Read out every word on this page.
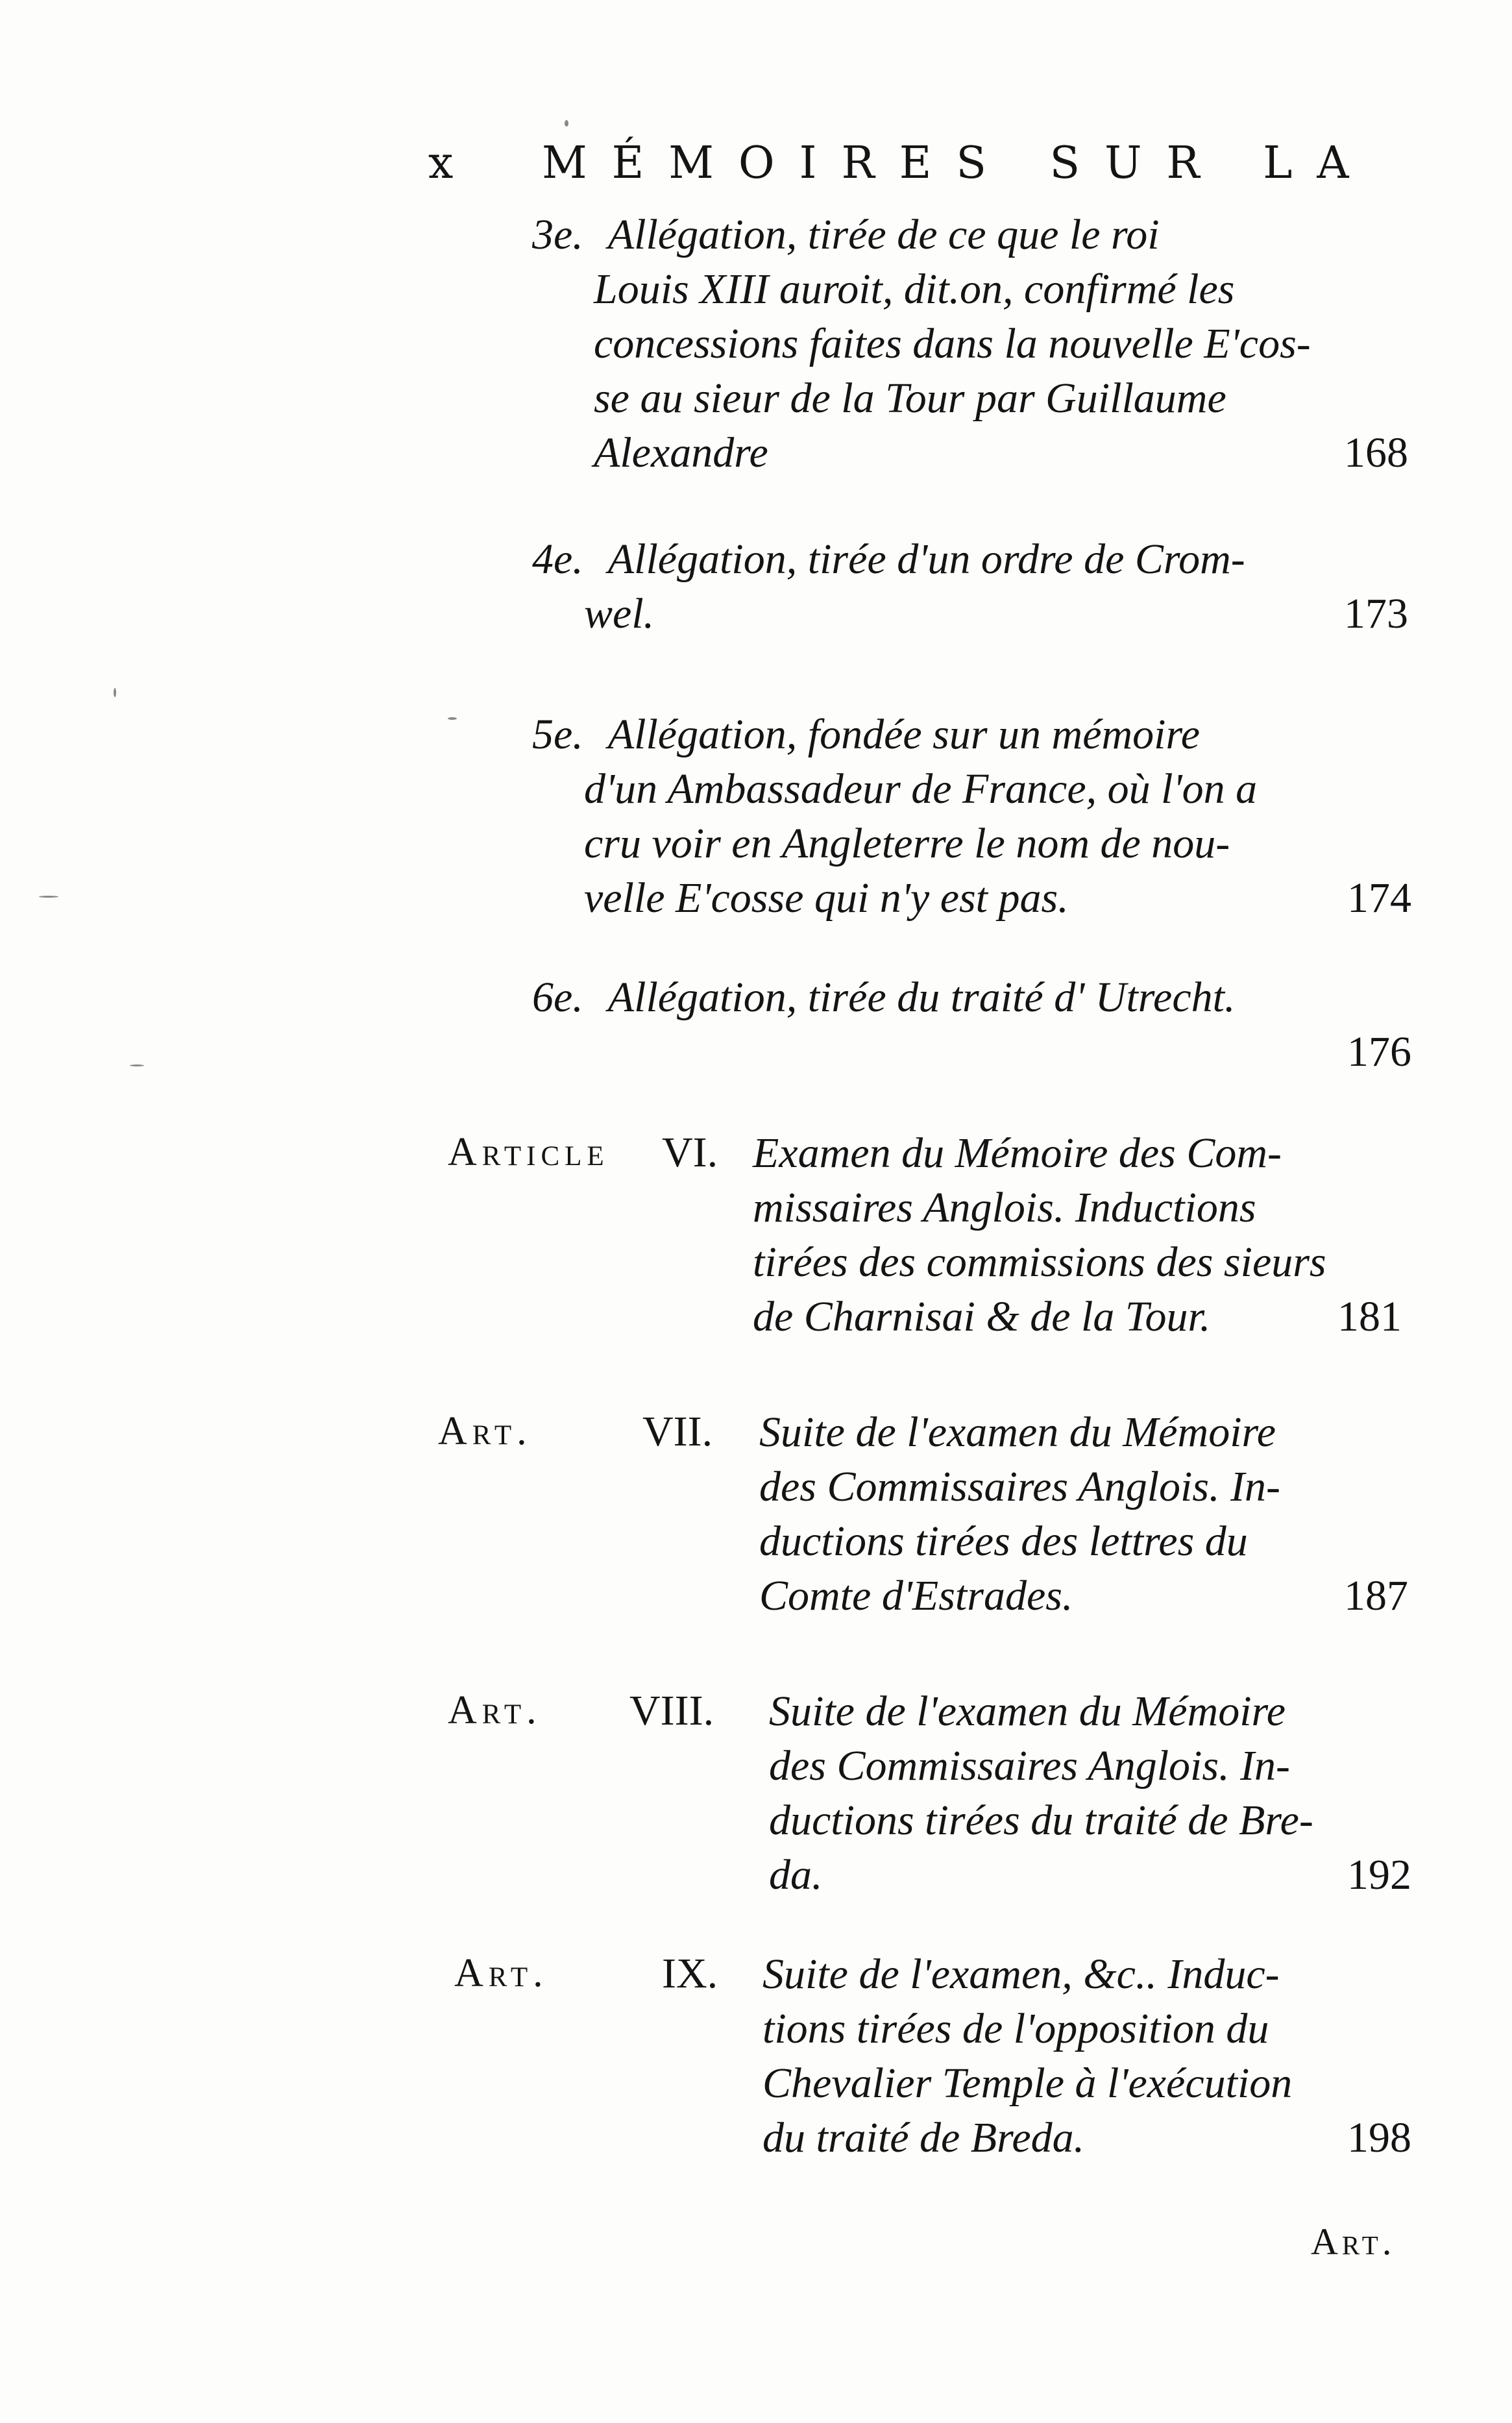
x MÉMOIRES SUR LA
3e. Allégation, tirée de ce que le roi
Louis XIII auroit, dit.on, confirmé les
concessions faites dans la nouvelle E'cos-
se au sieur de la Tour par Guillaume
Alexandre	168
4e. Allégation, tirée d'un ordre de Crom-
wel.	173
5e. Allégation, fondée sur un mémoire
d'un Ambassadeur de France, où l'on a
cru voir en Angleterre le nom de nou-
velle E'cosse qui n'y est pas.	174
6e. Allégation, tirée du traité d' Utrecht.
176
Article VI. Examen du Mémoire des Com-
missaires Anglois. Inductions
tirées des commissions des sieurs
de Charnisai & de la Tour.	181
Art.	VII. Suite de l'examen du Mémoire
des Commissaires Anglois. In-
ductions tirées des lettres du
Comte d'Estrades.	187
Art. VIII. Suite de l'examen du Mémoire
des Commissaires Anglois. In-
ductions tirées du traité de Bre-
da.	192
Art.	IX. Suite de l'examen, &c.. Induc-
tions tirées de l'opposition du
Chevalier Temple à l'exécution
du traité de Breda.	198
Art.
